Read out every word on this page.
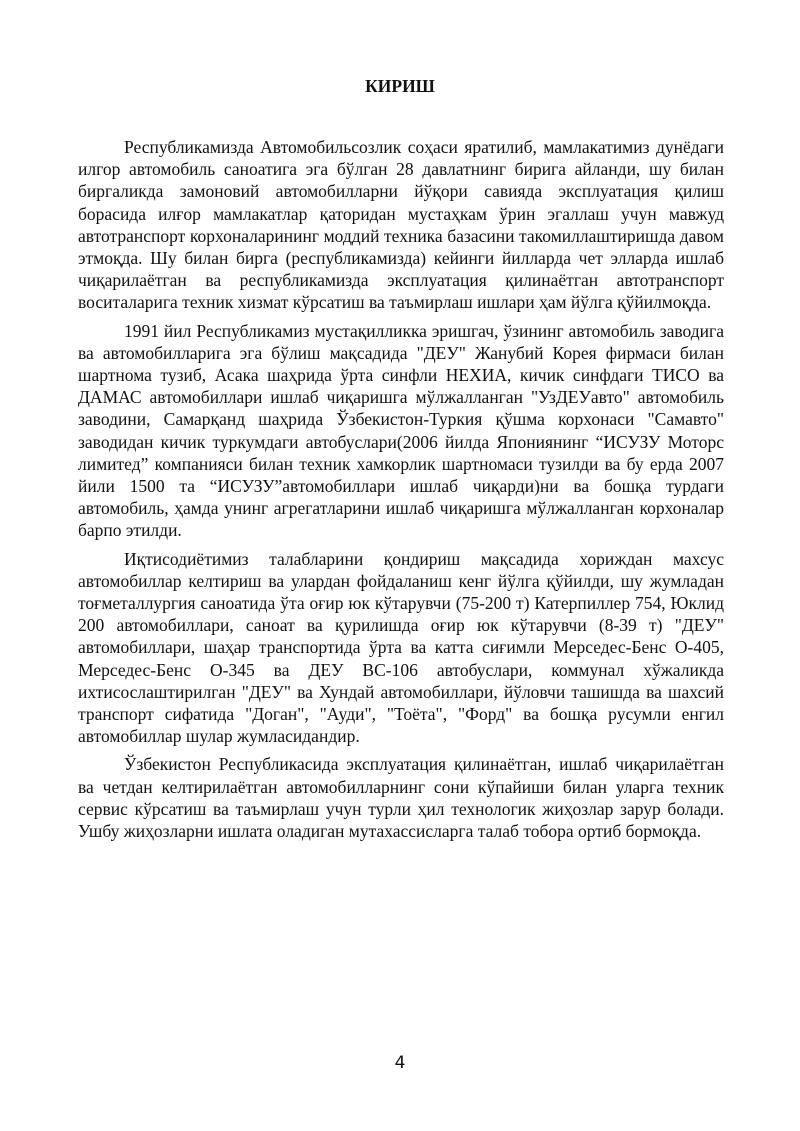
КИРИШ

Республикамизда Автомобильсозлик соҳаси яратилиб, мамлакатимиз дунёдаги илгор автомобиль саноатига эга бўлган 28 давлатнинг бирига айланди, шу билан биргаликда замонoвий автомобилларни йўқори савияда эксплуатация қилиш борасида илғор мамлакатлар қаторидан мустаҳкам ўрин эгаллаш учун мавжуд автотранспорт корхоналарининг моддий техника базасини такомиллаштиришда давом этмоқда. Шу билан бирга (республикамизда) кейинги йилларда чет элларда ишлаб чиқарилаётган ва республикамизда эксплуатация қилинаётган автотранспорт воситаларига техник хизмат кўрсатиш ва таъмирлаш ишлари ҳам йўлга қўйилмоқда.

1991 йил Республикамиз мустақилликка эришгач, ўзининг автомобиль заводига ва автомобилларига эга бўлиш мақсадида "ДЕУ" Жанубий Корея фирмаси билан шартнома тузиб, Асака шаҳрида ўрта синфли НЕХИА, кичик синфдаги ТИСО ва ДАМАС автомобиллари ишлаб чиқаришга мўлжалланган "УзДЕУавто" автомобиль заводини, Самарқанд шаҳрида Ўзбекистон-Туркия қўшма корхонаси "Самавто" заводидан кичик туркумдаги автобуслари(2006 йилда Япониянинг “ИСУЗУ Моторс лимитед” компанияси билан техник хамкорлик шартномаси тузилди ва бу ерда 2007 йили 1500 та “ИСУЗУ”автомобиллари ишлаб чиқарди)ни ва бошқа турдаги автомобиль, ҳамда унинг агрегатларини ишлаб чиқаришга мўлжалланган корхоналар барпо этилди.

Иқтисодиётимиз талабларини қондириш мақсадида хориждан махсус автомобиллар келтириш ва улардан фойдаланиш кенг йўлга қўйилди, шу жумладан тоғметаллургия саноатида ўта оғир юк кўтарувчи (75-200 т) Катерпиллер 754, Юклид 200 автомобиллари, саноат ва қурилишда оғир юк кўтарувчи (8-39 т) "ДЕУ" автомобиллари, шаҳар транспортида ўрта ва катта сиғимли Мерседес-Бенс О-405, Мерседес-Бенс О-345 ва ДЕУ ВС-106 автобуслари, коммунал хўжаликда ихтисослаштирилган "ДЕУ" ва Хундай автомобиллари, йўловчи ташишда ва шахсий транспорт сифатида "Доган", "Ауди", "Тоёта", "Форд" ва бошқа русумли енгил автомобиллар шулар жумласидандир.

Ўзбекистон Республикасида эксплуатация қилинаётган, ишлаб чиқарилаётган ва четдан келтирилаётган автомобилларнинг сони кўпайиши билан уларга техник сервис кўрсатиш ва таъмирлаш учун турли ҳил технологик жиҳозлар зарур болади. Ушбу жиҳозларни ишлата оладиган мутахассисларга талаб тобора ортиб бормоқда.

4
